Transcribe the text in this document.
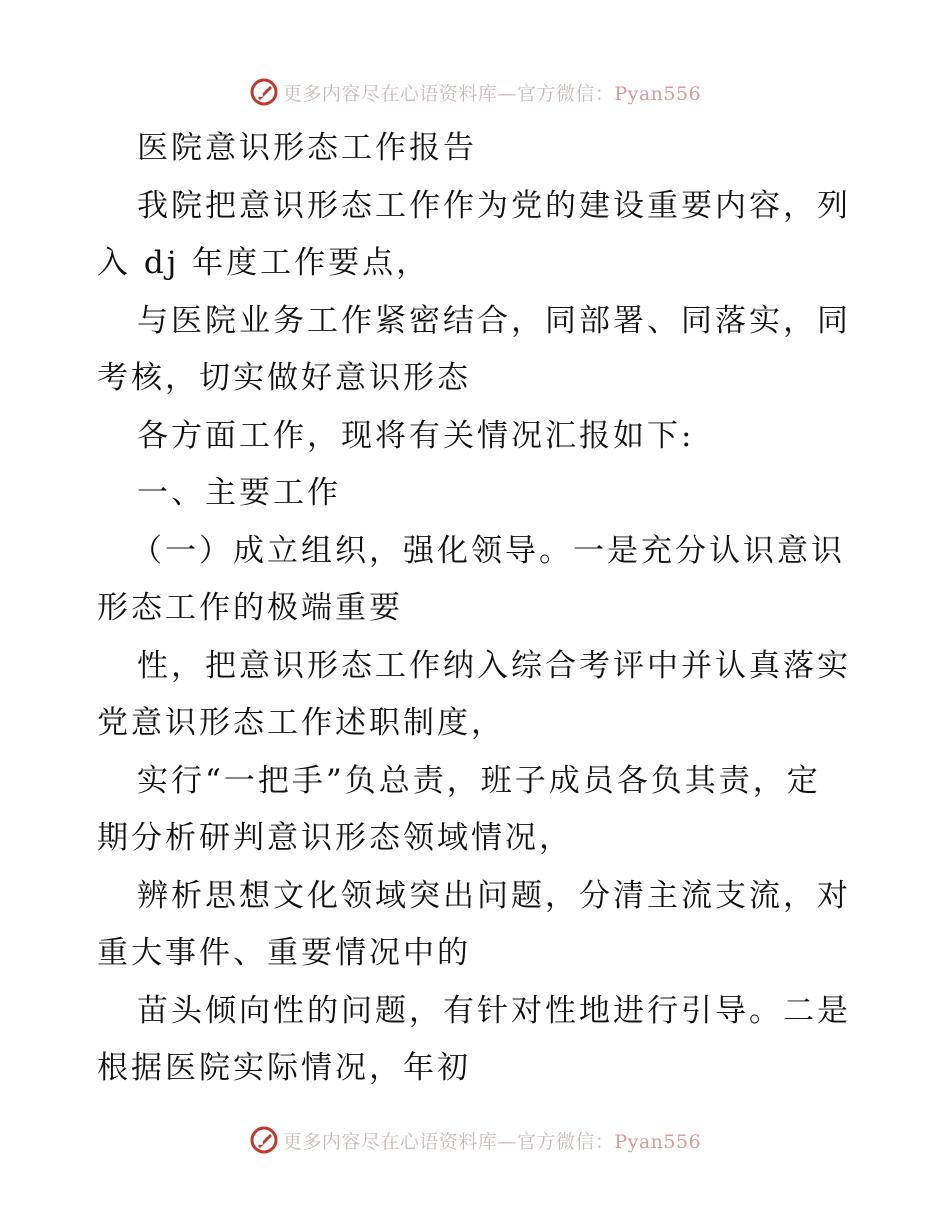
更多内容尽在心语资料库—官方微信：Pyan556
医院意识形态工作报告
我院把意识形态工作作为党的建设重要内容，列
入 dj 年度工作要点，
与医院业务工作紧密结合，同部署、同落实，同
考核，切实做好意识形态
各方面工作，现将有关情况汇报如下:
一、主要工作
（一）成立组织，强化领导。一是充分认识意识
形态工作的极端重要
性，把意识形态工作纳入综合考评中并认真落实
党意识形态工作述职制度，
实行“一把手”负总责，班子成员各负其责，定
期分析研判意识形态领域情况，
辨析思想文化领域突出问题，分清主流支流，对
重大事件、重要情况中的
苗头倾向性的问题，有针对性地进行引导。二是
根据医院实际情况，年初
更多内容尽在心语资料库—官方微信：Pyan556
